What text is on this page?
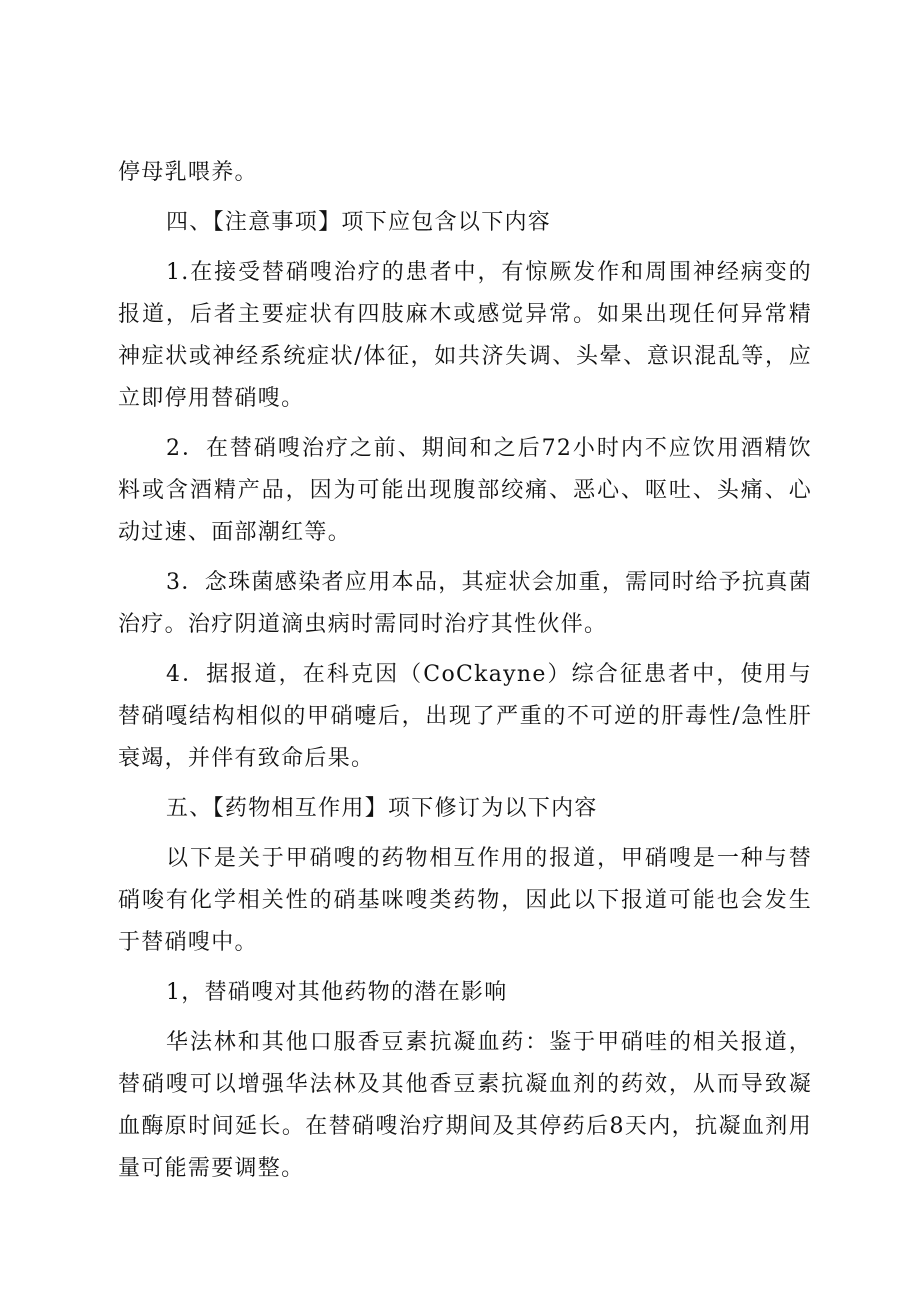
停母乳喂养。

四、【注意事项】项下应包含以下内容

1.在接受替硝嗖治疗的患者中，有惊厥发作和周围神经病变的报道，后者主要症状有四肢麻木或感觉异常。如果出现任何异常精神症状或神经系统症状/体征，如共济失调、头晕、意识混乱等，应立即停用替硝嗖。

2．在替硝嗖治疗之前、期间和之后72小时内不应饮用酒精饮料或含酒精产品，因为可能出现腹部绞痛、恶心、呕吐、头痛、心动过速、面部潮红等。

3．念珠菌感染者应用本品，其症状会加重，需同时给予抗真菌治疗。治疗阴道滴虫病时需同时治疗其性伙伴。

4．据报道，在科克因（CoCkayne）综合征患者中，使用与替硝嘎结构相似的甲硝嚏后，出现了严重的不可逆的肝毒性/急性肝衰竭，并伴有致命后果。

五、【药物相互作用】项下修订为以下内容

以下是关于甲硝嗖的药物相互作用的报道，甲硝嗖是一种与替硝唆有化学相关性的硝基咪嗖类药物，因此以下报道可能也会发生于替硝嗖中。

1，替硝嗖对其他药物的潜在影响

华法林和其他口服香豆素抗凝血药：鉴于甲硝哇的相关报道，替硝嗖可以增强华法林及其他香豆素抗凝血剂的药效，从而导致凝血酶原时间延长。在替硝嗖治疗期间及其停药后8天内，抗凝血剂用量可能需要调整。
